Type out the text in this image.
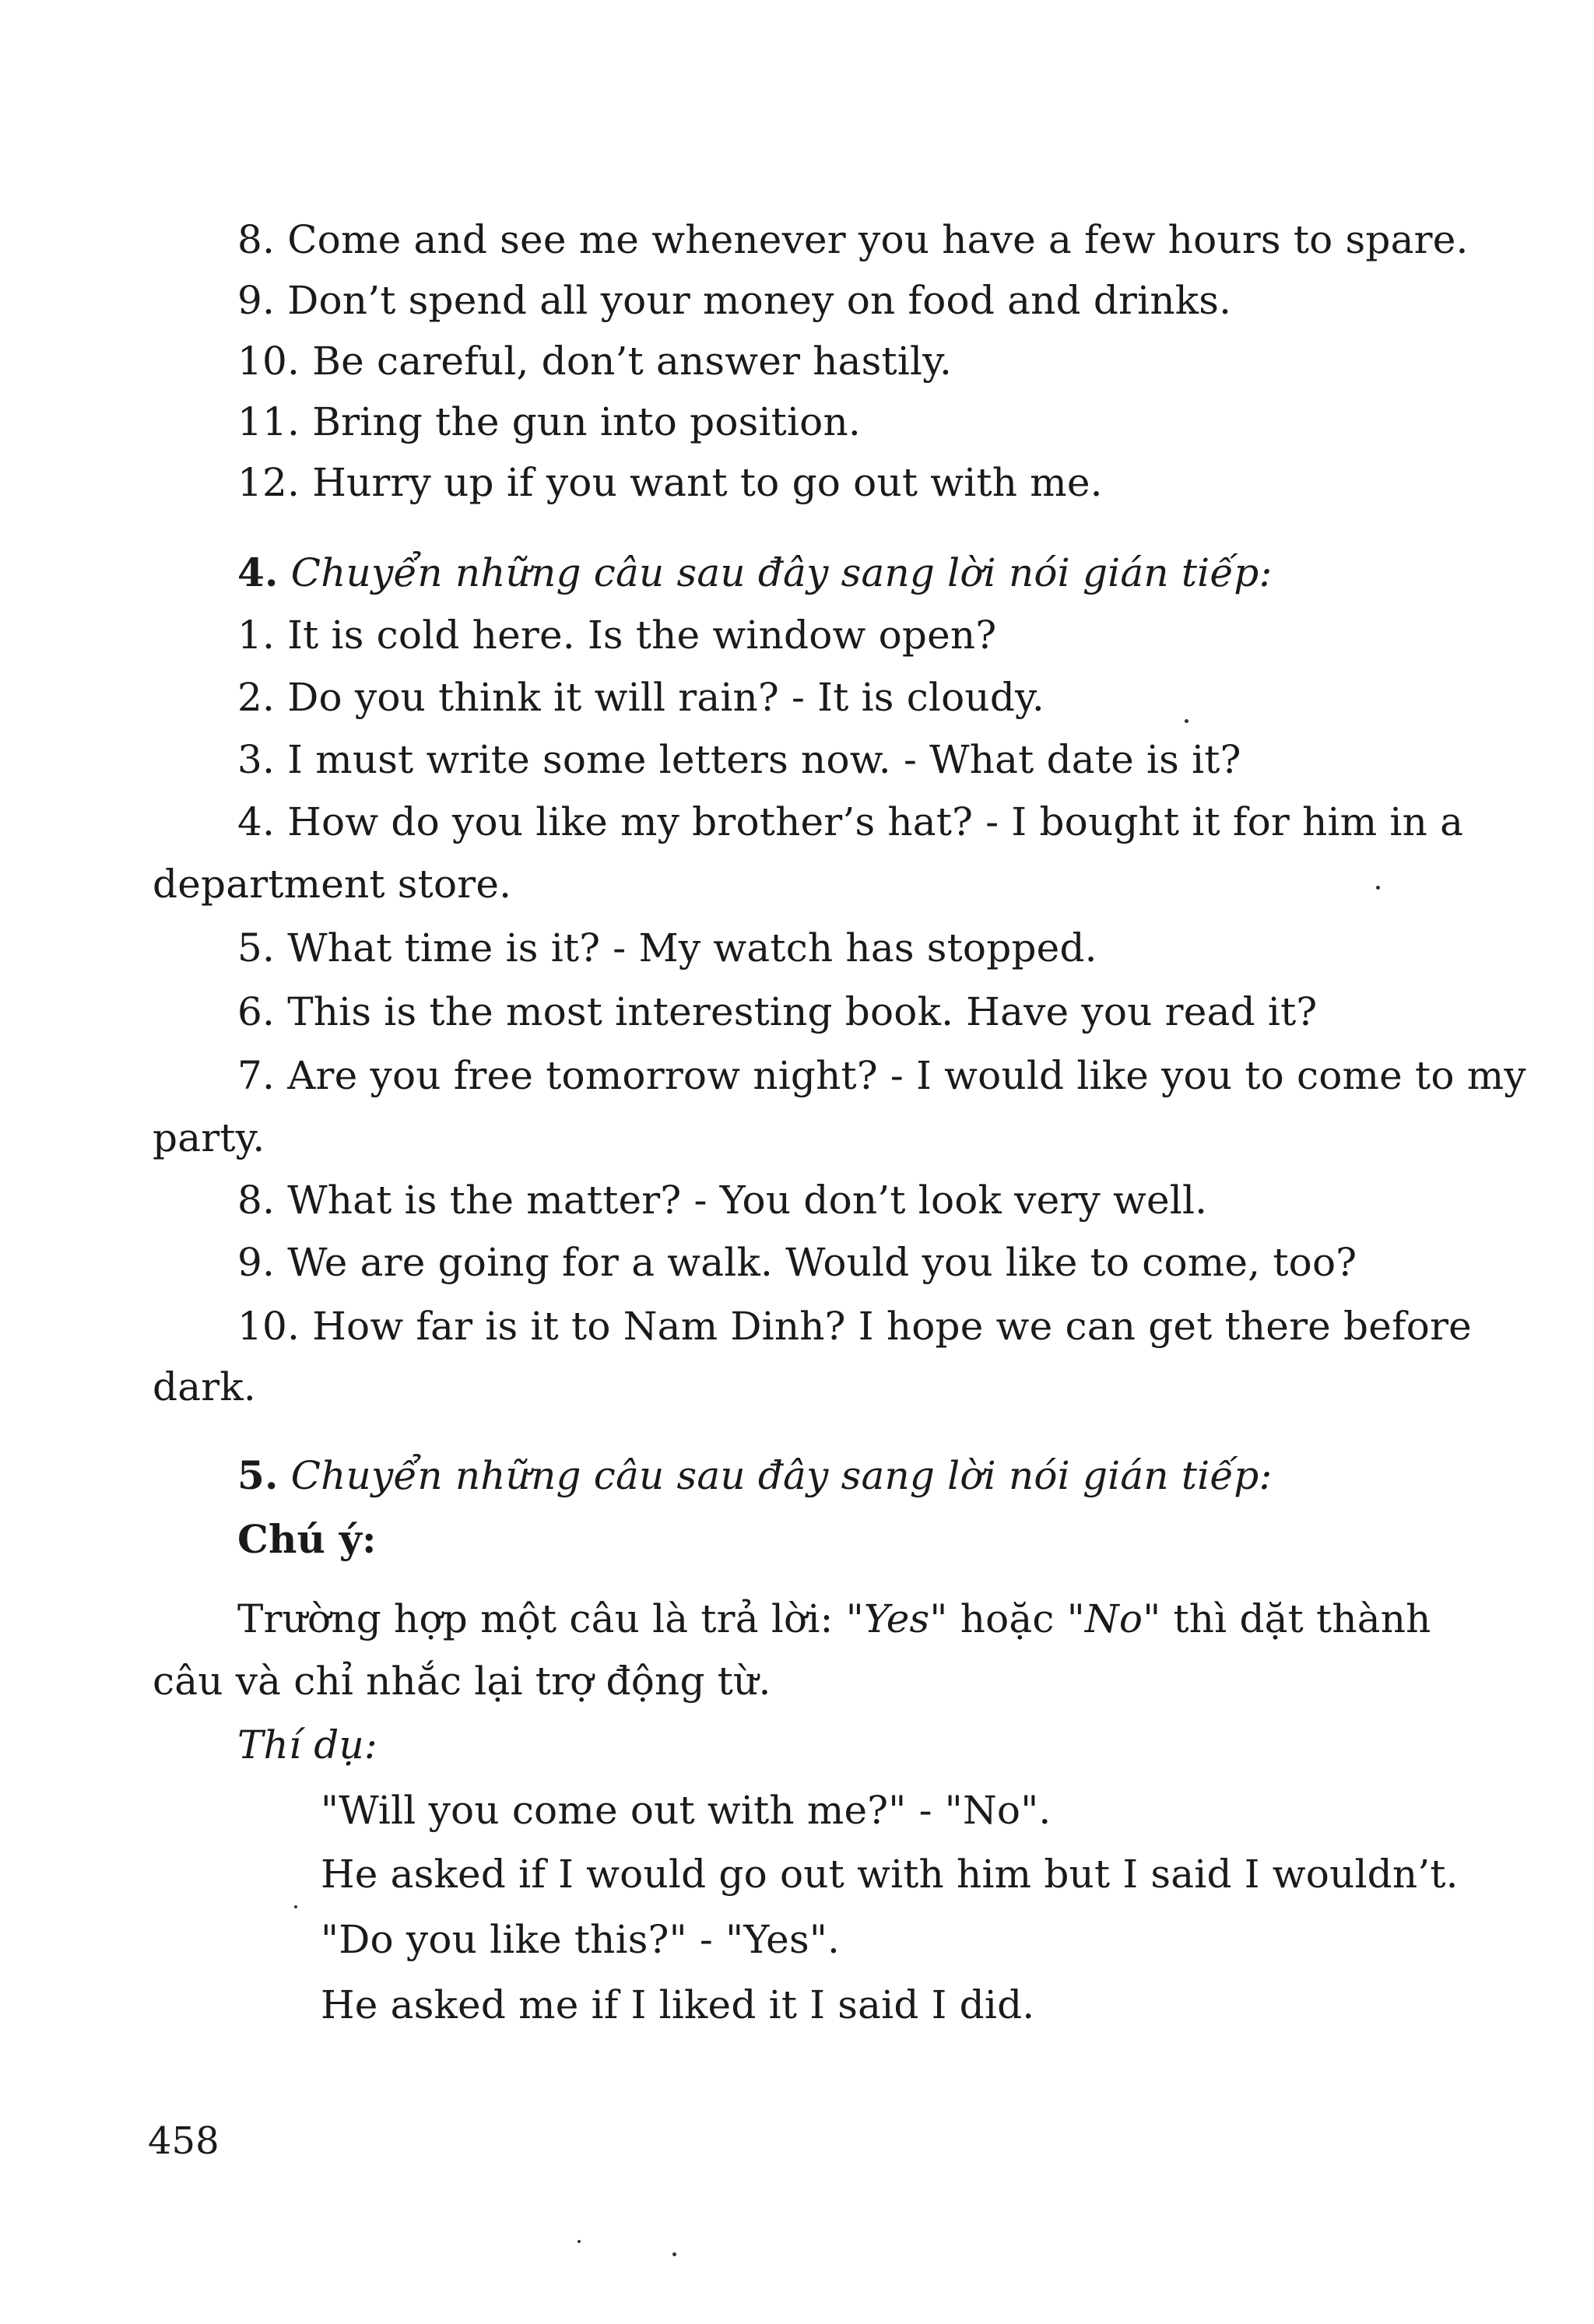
8. Come and see me whenever you have a few hours to spare.
9. Don’t spend all your money on food and drinks.
10. Be careful, don’t answer hastily.
11. Bring the gun into position.
12. Hurry up if you want to go out with me.
4. Chuyển những câu sau đây sang lời nói gián tiếp:
1. It is cold here. Is the window open?
2. Do you think it will rain? - It is cloudy.
3. I must write some letters now. - What date is it?
4. How do you like my brother’s hat? - I bought it for him in a
department store.
5. What time is it? - My watch has stopped.
6. This is the most interesting book. Have you read it?
7. Are you free tomorrow night? - I would like you to come to my
party.
8. What is the matter? - You don’t look very well.
9. We are going for a walk. Would you like to come, too?
10. How far is it to Nam Dinh? I hope we can get there before
dark.
5. Chuyển những câu sau đây sang lời nói gián tiếp:
Chú ý:
Trường hợp một câu là trả lời: "Yes" hoặc "No" thì dặt thành
câu và chỉ nhắc lại trợ động từ.
Thí dụ:
"Will you come out with me?" - "No".
He asked if I would go out with him but I said I wouldn’t.
"Do you like this?" - "Yes".
He asked me if I liked it I said I did.
458
